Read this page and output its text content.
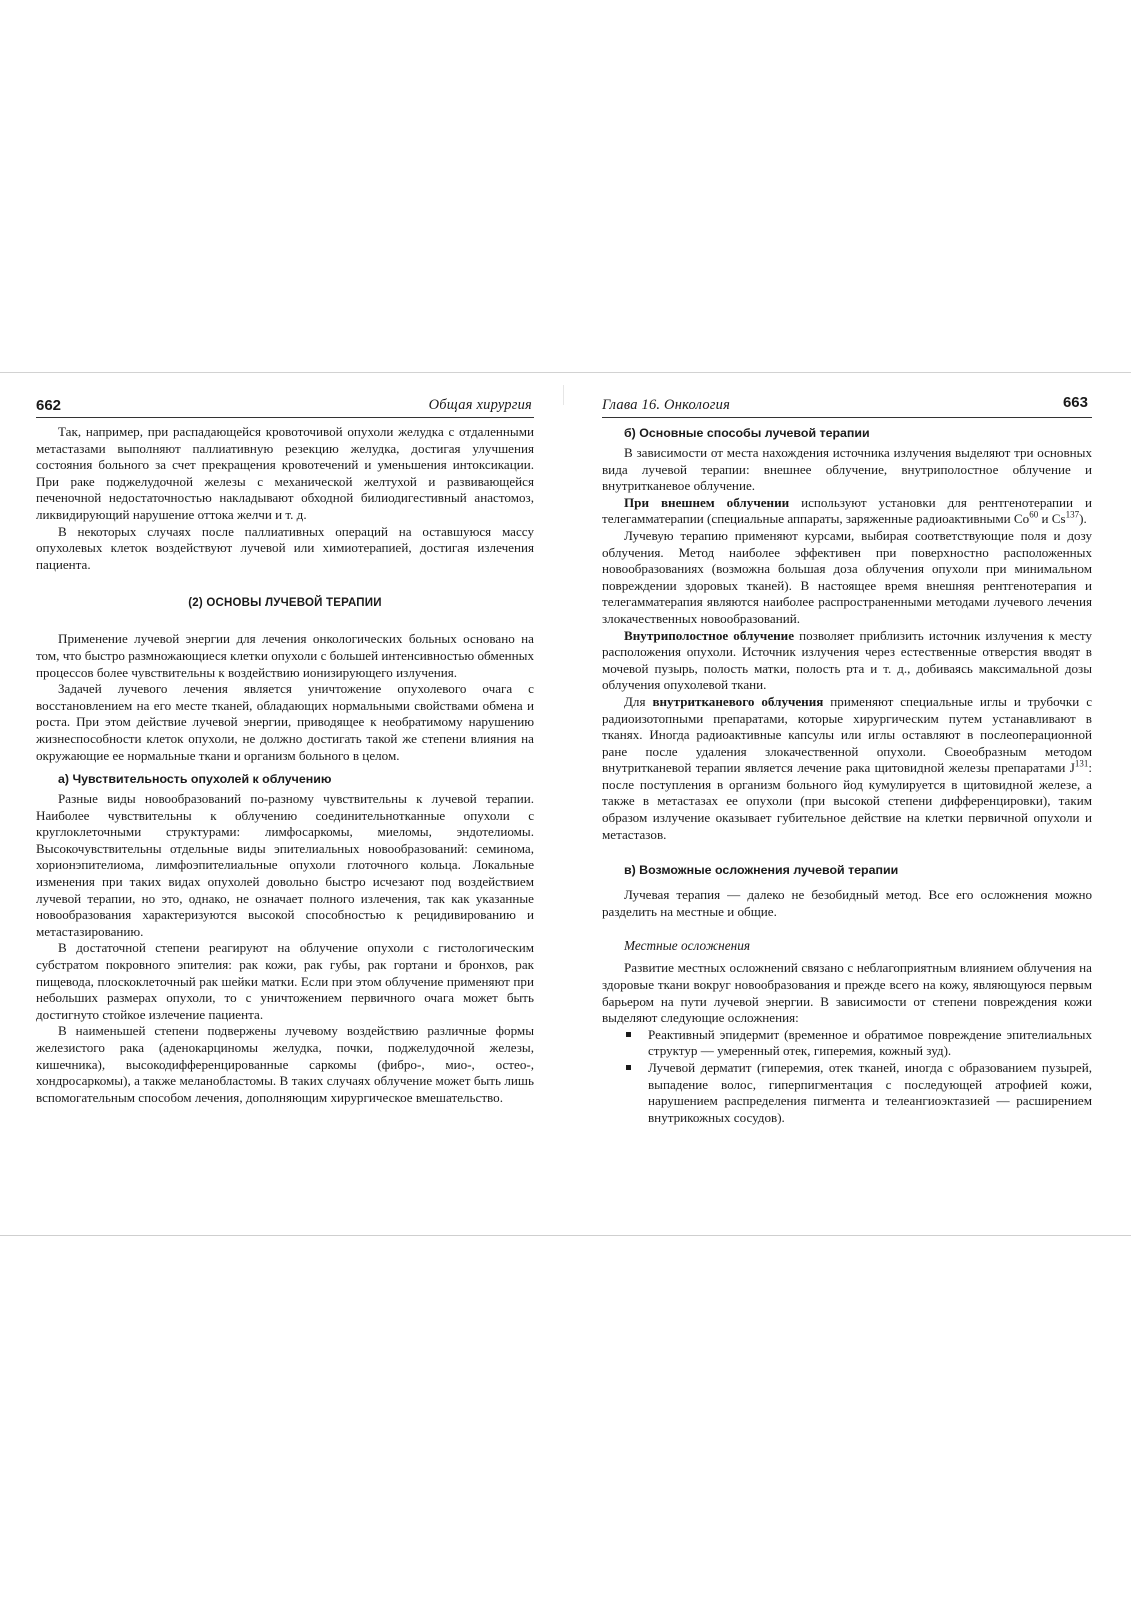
662	Общая хирургия

Так, например, при распадающейся кровоточивой опухоли желудка с отдаленными метастазами выполняют паллиативную резекцию желудка, достигая улучшения состояния больного за счет прекращения кровотечений и уменьшения интоксикации. При раке поджелудочной железы с механической желтухой и развивающейся печеночной недостаточностью накладывают обходной билиодигестивный анастомоз, ликвидирующий нарушение оттока желчи и т. д.

В некоторых случаях после паллиативных операций на оставшуюся массу опухолевых клеток воздействуют лучевой или химиотерапией, достигая излечения пациента.

(2) ОСНОВЫ ЛУЧЕВОЙ ТЕРАПИИ

Применение лучевой энергии для лечения онкологических больных основано на том, что быстро размножающиеся клетки опухоли с большей интенсивностью обменных процессов более чувствительны к воздействию ионизирующего излучения.

Задачей лучевого лечения является уничтожение опухолевого очага с восстановлением на его месте тканей, обладающих нормальными свойствами обмена и роста. При этом действие лучевой энергии, приводящее к необратимому нарушению жизнеспособности клеток опухоли, не должно достигать такой же степени влияния на окружающие ее нормальные ткани и организм больного в целом.

а) Чувствительность опухолей к облучению

Разные виды новообразований по-разному чувствительны к лучевой терапии. Наиболее чувствительны к облучению соединительнотканные опухоли с круглоклеточными структурами: лимфосаркомы, миеломы, эндотелиомы. Высокочувствительны отдельные виды эпителиальных новообразований: семинома, хорионэпителиома, лимфоэпителиальные опухоли глоточного кольца. Локальные изменения при таких видах опухолей довольно быстро исчезают под воздействием лучевой терапии, но это, однако, не означает полного излечения, так как указанные новообразования характеризуются высокой способностью к рецидивированию и метастазированию.

В достаточной степени реагируют на облучение опухоли с гистологическим субстратом покровного эпителия: рак кожи, рак губы, рак гортани и бронхов, рак пищевода, плоскоклеточный рак шейки матки. Если при этом облучение применяют при небольших размерах опухоли, то с уничтожением первичного очага может быть достигнуто стойкое излечение пациента.

В наименьшей степени подвержены лучевому воздействию различные формы железистого рака (аденокарциномы желудка, почки, поджелудочной железы, кишечника), высокодифференцированные саркомы (фибро-, мио-, остео-, хондросаркомы), а также меланобластомы. В таких случаях облучение может быть лишь вспомогательным способом лечения, дополняющим хирургическое вмешательство.

Глава 16. Онкология	663
б) Основные способы лучевой терапии

В зависимости от места нахождения источника излучения выделяют три основных вида лучевой терапии: внешнее облучение, внутриполостное облучение и внутритканевое облучение.

При внешнем облучении используют установки для рентгенотерапии и телегамматерапии (специальные аппараты, заряженные радиоактивными Co$^{60}$ и Cs$^{137}$).

Лучевую терапию применяют курсами, выбирая соответствующие поля и дозу облучения. Метод наиболее эффективен при поверхностно расположенных новообразованиях (возможна большая доза облучения опухоли при минимальном повреждении здоровых тканей). В настоящее время внешняя рентгенотерапия и телегамматерапия являются наиболее распространенными методами лучевого лечения злокачественных новообразований.

Внутриполостное облучение позволяет приблизить источник излучения к месту расположения опухоли. Источник излучения через естественные отверстия вводят в мочевой пузырь, полость матки, полость рта и т. д., добиваясь максимальной дозы облучения опухолевой ткани.

Для внутритканевого облучения применяют специальные иглы и трубочки с радиоизотопными препаратами, которые хирургическим путем устанавливают в тканях. Иногда радиоактивные капсулы или иглы оставляют в послеоперационной ране после удаления злокачественной опухоли. Своеобразным методом внутритканевой терапии является лечение рака щитовидной железы препаратами $J^{131}$: после поступления в организм больного йод кумулируется в щитовидной железе, а также в метастазах ее опухоли (при высокой степени дифференцировки), таким образом излучение оказывает губительное действие на клетки первичной опухоли и метастазов.

в) Возможные осложнения лучевой терапии

Лучевая терапия — далеко не безобидный метод. Все его осложнения можно разделить на местные и общие.

Местные осложнения

Развитие местных осложнений связано с неблагоприятным влиянием облучения на здоровые ткани вокруг новообразования и прежде всего на кожу, являющуюся первым барьером на пути лучевой энергии. В зависимости от степени повреждения кожи выделяют следующие осложнения:

Реактивный эпидермит (временное и обратимое повреждение эпителиальных структур — умеренный отек, гиперемия, кожный зуд).

Лучевой дерматит (гиперемия, отек тканей, иногда с образованием пузырей, выпадение волос, гиперпигментация с последующей атрофией кожи, нарушением распределения пигмента и телеангиоэктазией — расширением внутрикожных сосудов).
